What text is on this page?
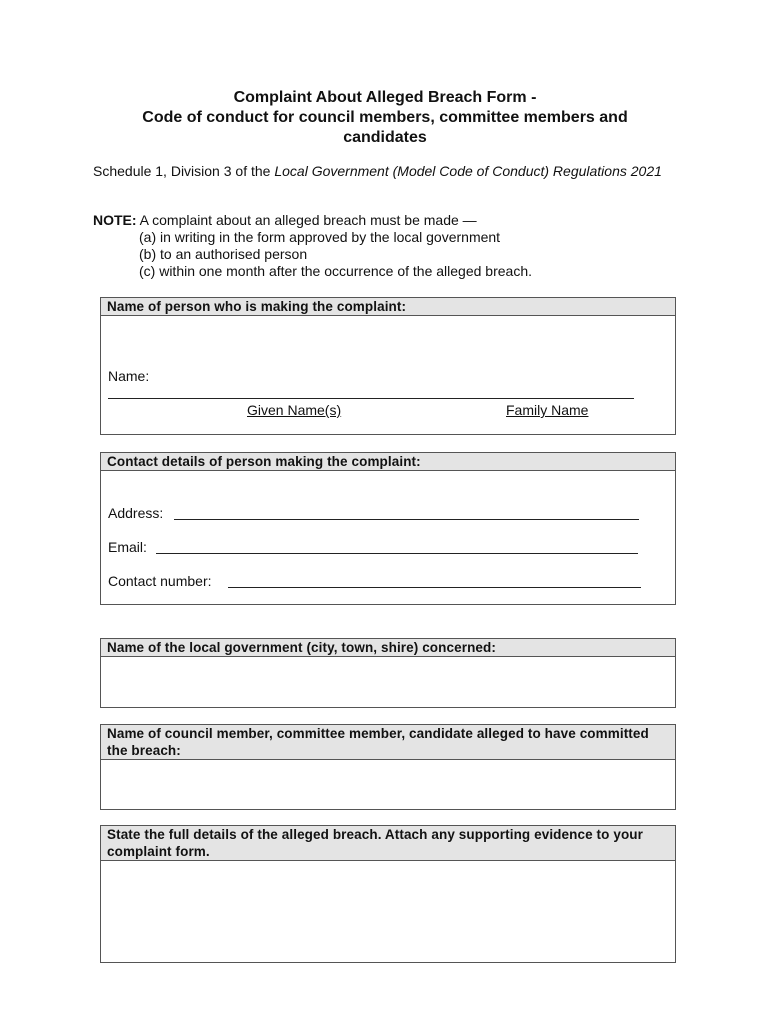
Complaint About Alleged Breach Form -
Code of conduct for council members, committee members and
candidates
Schedule 1, Division 3 of the Local Government (Model Code of Conduct) Regulations 2021
NOTE: A complaint about an alleged breach must be made —
(a) in writing in the form approved by the local government
(b) to an authorised person
(c) within one month after the occurrence of the alleged breach.
Name of person who is making the complaint:
Name:
Given Name(s)	Family Name
Contact details of person making the complaint:
Address:
Email:
Contact number:
Name of the local government (city, town, shire) concerned:
Name of council member, committee member, candidate alleged to have committed the breach:
State the full details of the alleged breach. Attach any supporting evidence to your complaint form.
